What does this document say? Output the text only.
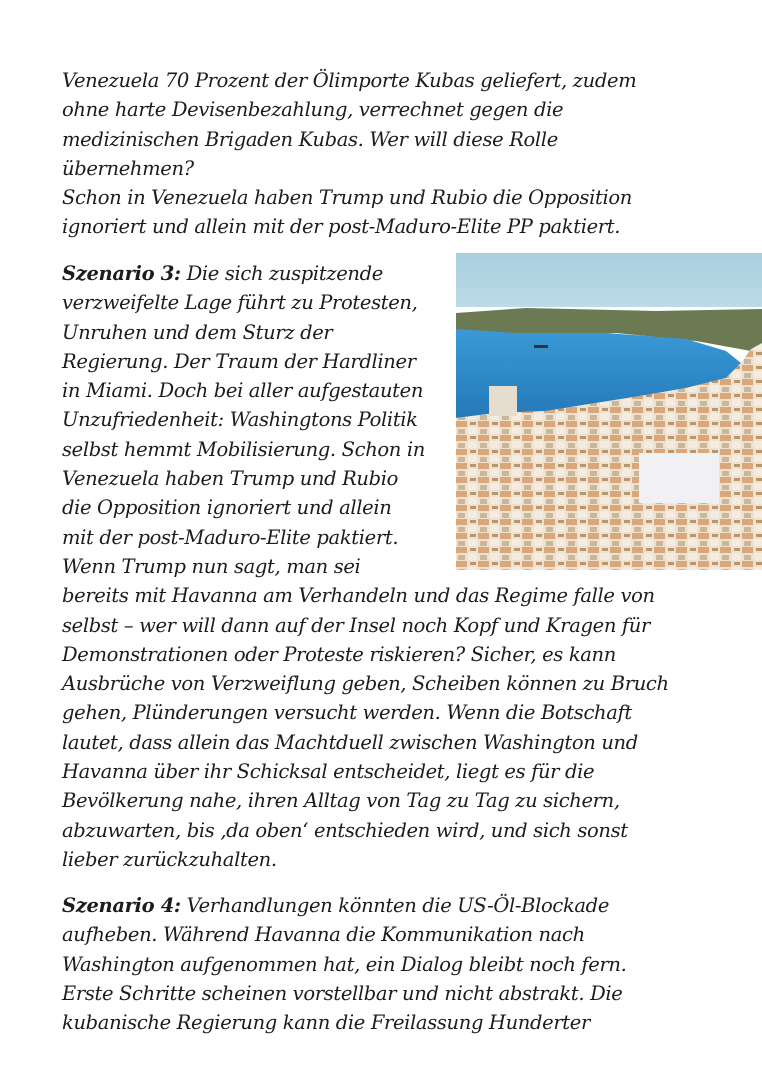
Venezuela 70 Prozent der Ölimporte Kubas geliefert, zudem
ohne harte Devisenbezahlung, verrechnet gegen die
medizinischen Brigaden Kubas. Wer will diese Rolle
übernehmen?
Schon in Venezuela haben Trump und Rubio die Opposition
ignoriert und allein mit der post-Maduro-Elite PP paktiert.

Szenario 3: Die sich zuspitzende
verzweifelte Lage führt zu Protesten,
Unruhen und dem Sturz der
Regierung. Der Traum der Hardliner
in Miami. Doch bei aller aufgestauten
Unzufriedenheit: Washingtons Politik
selbst hemmt Mobilisierung. Schon in
Venezuela haben Trump und Rubio
die Opposition ignoriert und allein
mit der post-Maduro-Elite paktiert.
Wenn Trump nun sagt, man sei
bereits mit Havanna am Verhandeln und das Regime falle von
selbst – wer will dann auf der Insel noch Kopf und Kragen für
Demonstrationen oder Proteste riskieren? Sicher, es kann
Ausbrüche von Verzweiflung geben, Scheiben können zu Bruch
gehen, Plünderungen versucht werden. Wenn die Botschaft
lautet, dass allein das Machtduell zwischen Washington und
Havanna über ihr Schicksal entscheidet, liegt es für die
Bevölkerung nahe, ihren Alltag von Tag zu Tag zu sichern,
abzuwarten, bis ‚da oben‘ entschieden wird, und sich sonst
lieber zurückzuhalten.

Szenario 4: Verhandlungen könnten die US-Öl-Blockade
aufheben. Während Havanna die Kommunikation nach
Washington aufgenommen hat, ein Dialog bleibt noch fern.
Erste Schritte scheinen vorstellbar und nicht abstrakt. Die
kubanische Regierung kann die Freilassung Hunderter
